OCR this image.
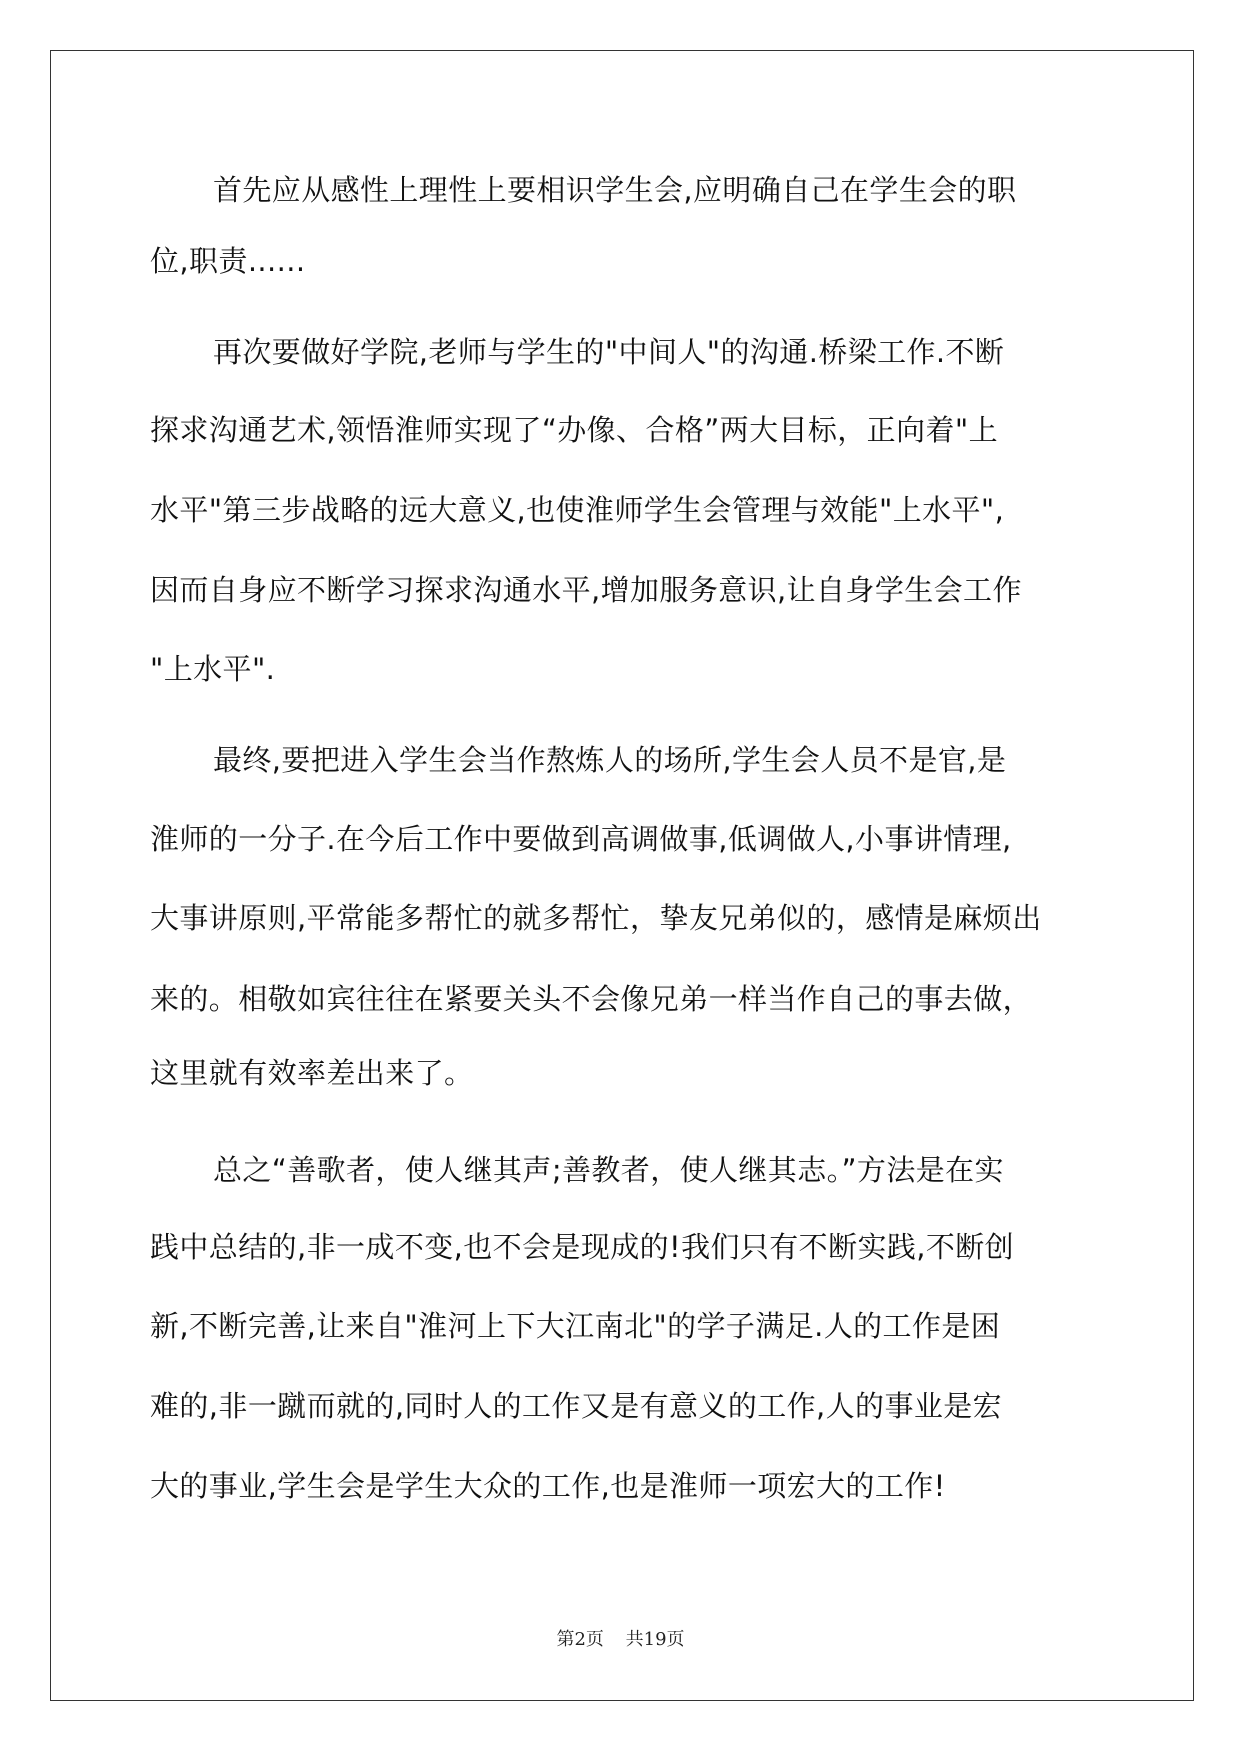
首先应从感性上理性上要相识学生会,应明确自己在学生会的职
位,职责......
再次要做好学院,老师与学生的"中间人"的沟通.桥梁工作.不断
探求沟通艺术,领悟淮师实现了“办像、合格”两大目标，正向着"上
水平"第三步战略的远大意义,也使淮师学生会管理与效能"上水平",
因而自身应不断学习探求沟通水平,增加服务意识,让自身学生会工作
"上水平".
最终,要把进入学生会当作熬炼人的场所,学生会人员不是官,是
淮师的一分子.在今后工作中要做到高调做事,低调做人,小事讲情理,
大事讲原则,平常能多帮忙的就多帮忙，挚友兄弟似的，感情是麻烦出
来的。相敬如宾往往在紧要关头不会像兄弟一样当作自己的事去做，
这里就有效率差出来了。
总之“善歌者，使人继其声;善教者，使人继其志。”方法是在实
践中总结的,非一成不变,也不会是现成的!我们只有不断实践,不断创
新,不断完善,让来自"淮河上下大江南北"的学子满足.人的工作是困
难的,非一蹴而就的,同时人的工作又是有意义的工作,人的事业是宏
大的事业,学生会是学生大众的工作,也是淮师一项宏大的工作!
第2页 共19页
